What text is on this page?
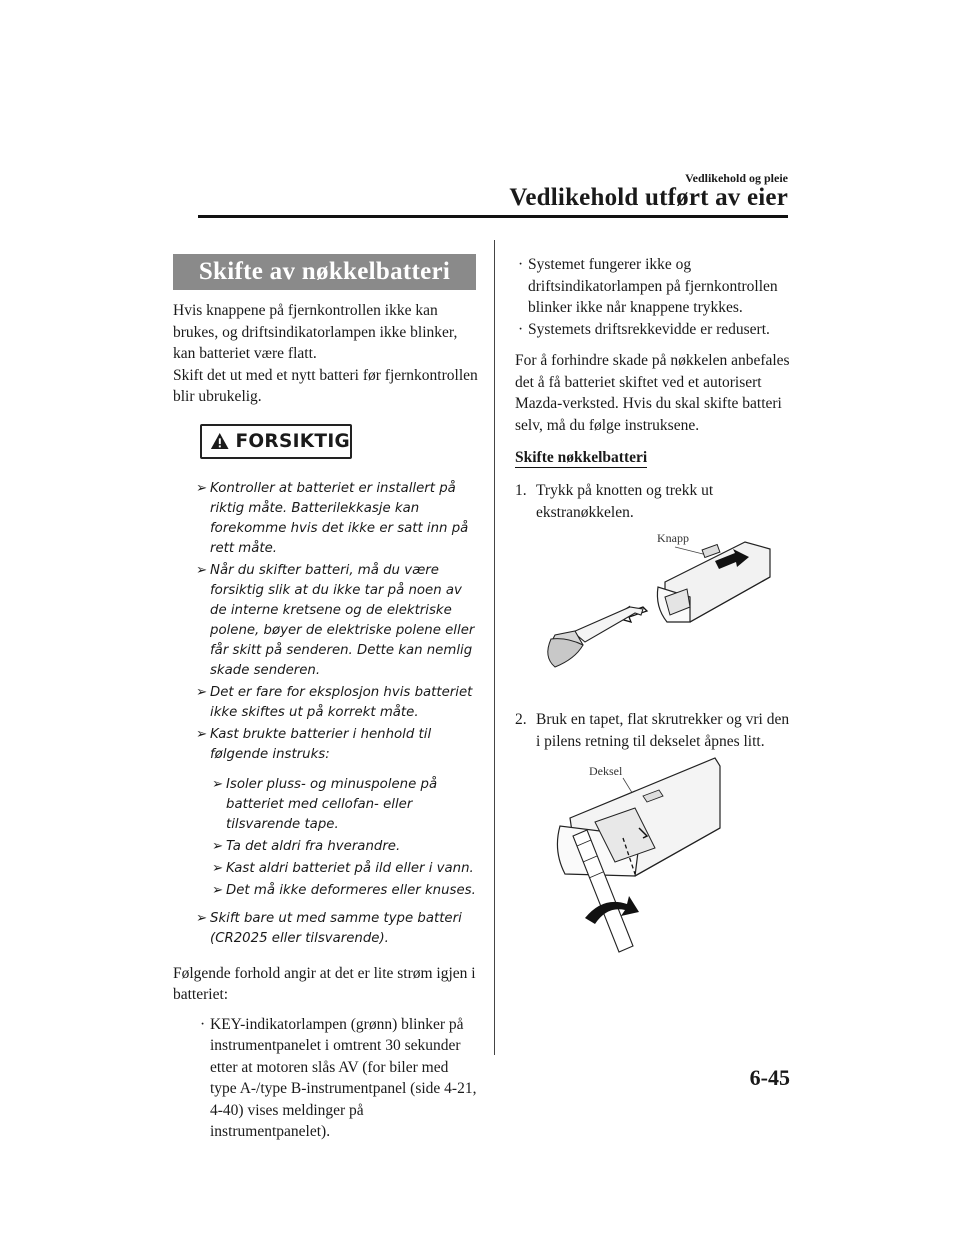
Vedlikehold og pleie
Vedlikehold utført av eier
Skifte av nøkkelbatteri

Hvis knappene på fjernkontrollen ikke kan brukes, og driftsindikatorlampen ikke blinker, kan batteriet være flatt.

Skift det ut med et nytt batteri før fjernkontrollen blir ubrukelig.

FORSIKTIG
➢ Kontroller at batteriet er installert på riktig måte. Batterilekkasje kan forekomme hvis det ikke er satt inn på rett måte.
➢ Når du skifter batteri, må du være forsiktig slik at du ikke tar på noen av de interne kretsene og de elektriske polene, bøyer de elektriske polene eller får skitt på senderen. Dette kan nemlig skade senderen.
➢ Det er fare for eksplosjon hvis batteriet ikke skiftes ut på korrekt måte.
➢ Kast brukte batterier i henhold til følgende instruks:
➢ Isoler pluss- og minuspolene på batteriet med cellofan- eller tilsvarende tape.
➢ Ta det aldri fra hverandre.
➢ Kast aldri batteriet på ild eller i vann.
➢ Det må ikke deformeres eller knuses.
➢ Skift bare ut med samme type batteri (CR2025 eller tilsvarende).
Følgende forhold angir at det er lite strøm igjen i batteriet:
· KEY-indikatorlampen (grønn) blinker på instrumentpanelet i omtrent 30 sekunder etter at motoren slås AV (for biler med type A-/type B-instrumentpanel (side 4-21, 4-40) vises meldinger på instrumentpanelet).
· Systemet fungerer ikke og driftsindikatorlampen på fjernkontrollen blinker ikke når knappene trykkes.
· Systemets driftsrekkevidde er redusert.
For å forhindre skade på nøkkelen anbefales det å få batteriet skiftet ved et autorisert Mazda-verksted. Hvis du skal skifte batteri selv, må du følge instruksene.
Skifte nøkkelbatteri
1. Trykk på knotten og trekk ut ekstranøkkelen.
Knapp
2. Bruk en tapet, flat skrutrekker og vri den i pilens retning til dekselet åpnes litt.
Deksel
6-45
